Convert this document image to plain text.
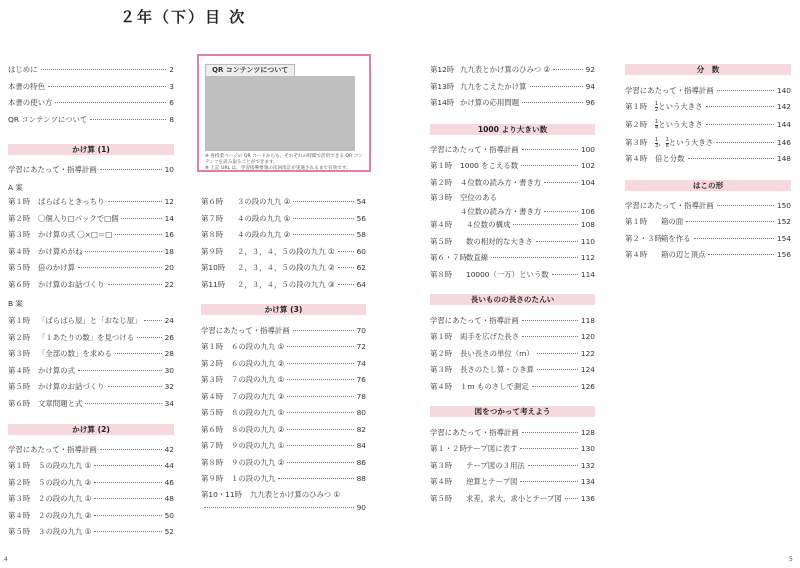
２年（下）目 次
はじめに	2
本書の特色	3
本書の使い方	6
QR コンテンツについて	8
かけ算 (1)
学習にあたって・指導計画	10
A 案
第１時 ぱらぱらときっちり	12
第２時 〇個入り□パックで□個	14
第３時 かけ算の式 〇×□＝□	16
第４時 かけ算めがね	18
第５時 倍のかけ算	20
第６時 かけ算のお話づくり	22
B 案
第１時 「ぱらぱら屋」と「おなじ屋」	24
第２時 「１あたりの数」を見つける	26
第３時 「全部の数」を求める	28
第４時 かけ算の式	30
第５時 かけ算のお話づくり	32
第６時 文章問題と式	34
かけ算 (2)
学習にあたって・指導計画	42
第１時 ５の段の九九 ①	44
第２時 ５の段の九九 ②	46
第３時 ２の段の九九 ①	48
第４時 ２の段の九九 ②	50
第５時 ３の段の九九 ①	52
QR コンテンツについて
※ 各授業ページの QR コードからも，それぞれの時間で活用できる QR コンテンツを読み取ることができます。
※ 上記 URL は，学習指導要領の次回改訂が実施されるまで有効です。
第６時 ３の段の九九 ②	54
第７時 ４の段の九九 ①	56
第８時 ４の段の九九 ②	58
第９時 ２，３，４，５の段の九九 ①	60
第10時 ２，３，４，５の段の九九 ②	62
第11時 ２，３，４，５の段の九九 ③	64
かけ算 (3)
学習にあたって・指導計画	70
第１時 ６の段の九九 ①	72
第２時 ６の段の九九 ②	74
第３時 ７の段の九九 ①	76
第４時 ７の段の九九 ②	78
第５時 ８の段の九九 ①	80
第６時 ８の段の九九 ②	82
第７時 ９の段の九九 ①	84
第８時 ９の段の九九 ②	86
第９時 １の段の九九	88
第10・11時 九九表とかけ算のひみつ ①
90
第12時 九九表とかけ算のひみつ ②	92
第13時 九九をこえたかけ算	94
第14時 かけ算の応用問題	96
1000 より大きい数
学習にあたって・指導計画	100
第１時 1000 をこえる数	102
第２時 ４位数の読み方・書き方	104
第３時 空位のある
４位数の読み方・書き方	106
第４時 ４位数の構成	108
第５時 数の相対的な大きさ	110
第６・７時数直線	112
第８時 10000（一万）という数	114
長いものの長さのたんい
学習にあたって・指導計画	118
第１時 両手を広げた長さ	120
第２時 長い長さの単位（m）	122
第３時 長さのたし算・ひき算	124
第４時 １m ものさしで測定	126
図をつかって考えよう
学習にあたって・指導計画	128
第１・２時テープ図に表す	130
第３時 テープ図の３用法	132
第４時 逆算とテープ図	134
第５時 求差，求大，求小とテープ図	136
分　数
学習にあたって・指導計画	140
第１時 $\frac{1}{2}$ という大きさ	142
第２時 $\frac{1}{4}$ という大きさ	144
第３時 $\frac{1}{3}$ ， $\frac{1}{8}$ という大きさ	146
第４時 倍と分数	148
はこの形
学習にあたって・指導計画	150
第１時 箱の面	152
第２・３時箱を作る	154
第４時 箱の辺と頂点	156
4	5
